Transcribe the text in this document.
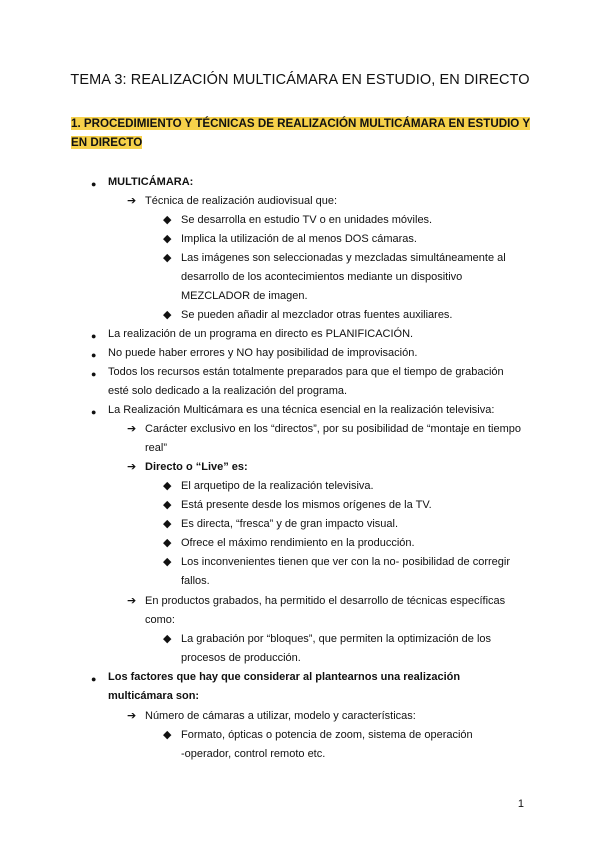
TEMA 3: REALIZACIÓN MULTICÁMARA EN ESTUDIO, EN DIRECTO
1. PROCEDIMIENTO Y TÉCNICAS DE REALIZACIÓN MULTICÁMARA EN ESTUDIO Y
EN DIRECTO
● MULTICÁMARA:
➔ Técnica de realización audiovisual que:
◆ Se desarrolla en estudio TV o en unidades móviles.
◆ Implica la utilización de al menos DOS cámaras.
◆ Las imágenes son seleccionadas y mezcladas simultáneamente al
desarrollo de los acontecimientos mediante un dispositivo
MEZCLADOR de imagen.
◆ Se pueden añadir al mezclador otras fuentes auxiliares.
● La realización de un programa en directo es PLANIFICACIÓN.
● No puede haber errores y NO hay posibilidad de improvisación.
● Todos los recursos están totalmente preparados para que el tiempo de grabación
esté solo dedicado a la realización del programa.
● La Realización Multicámara es una técnica esencial en la realización televisiva:
➔ Carácter exclusivo en los “directos”, por su posibilidad de “montaje en tiempo
real”
➔ Directo o “Live” es:
◆ El arquetipo de la realización televisiva.
◆ Está presente desde los mismos orígenes de la TV.
◆ Es directa, “fresca” y de gran impacto visual.
◆ Ofrece el máximo rendimiento en la producción.
◆ Los inconvenientes tienen que ver con la no- posibilidad de corregir
fallos.
➔ En productos grabados, ha permitido el desarrollo de técnicas específicas
como:
◆ La grabación por “bloques”, que permiten la optimización de los
procesos de producción.
● Los factores que hay que considerar al plantearnos una realización
multicámara son:
➔ Número de cámaras a utilizar, modelo y características:
◆ Formato, ópticas o potencia de zoom, sistema de operación
-operador, control remoto etc.
1
